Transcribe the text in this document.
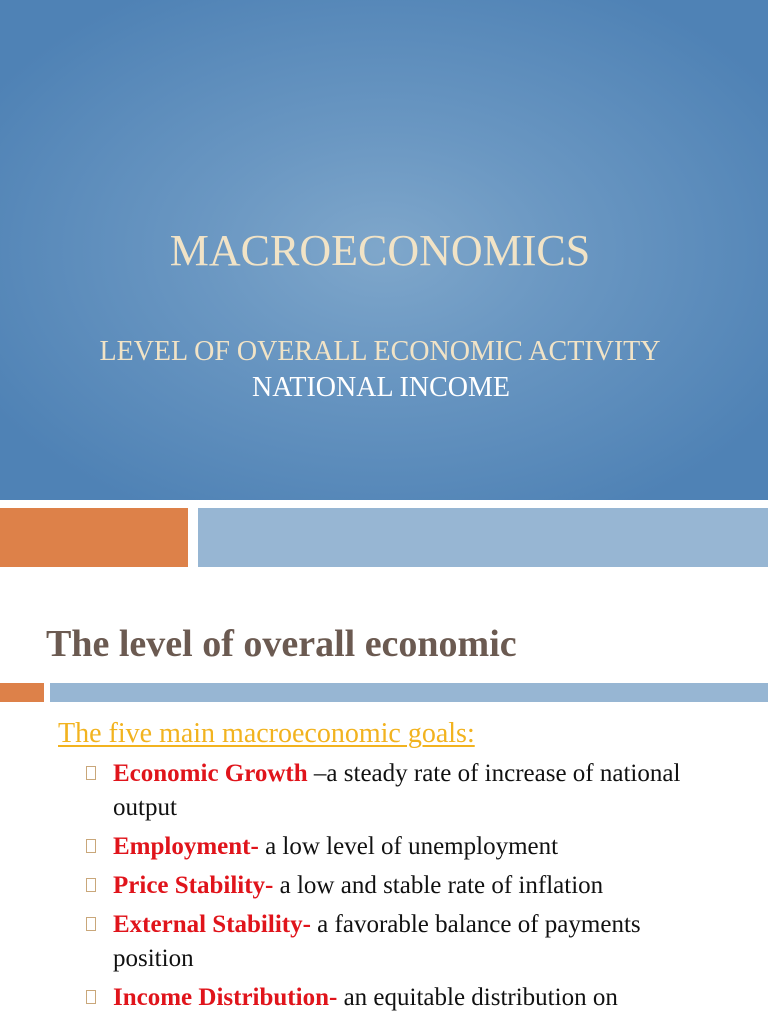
MACROECONOMICS
LEVEL OF OVERALL ECONOMIC ACTIVITY
NATIONAL INCOME
The level of overall economic
The five main macroeconomic goals:
Economic Growth –a steady rate of increase of national output
Employment- a low level of unemployment
Price Stability- a low and stable rate of inflation
External Stability- a favorable balance of payments position
Income Distribution- an equitable distribution on
